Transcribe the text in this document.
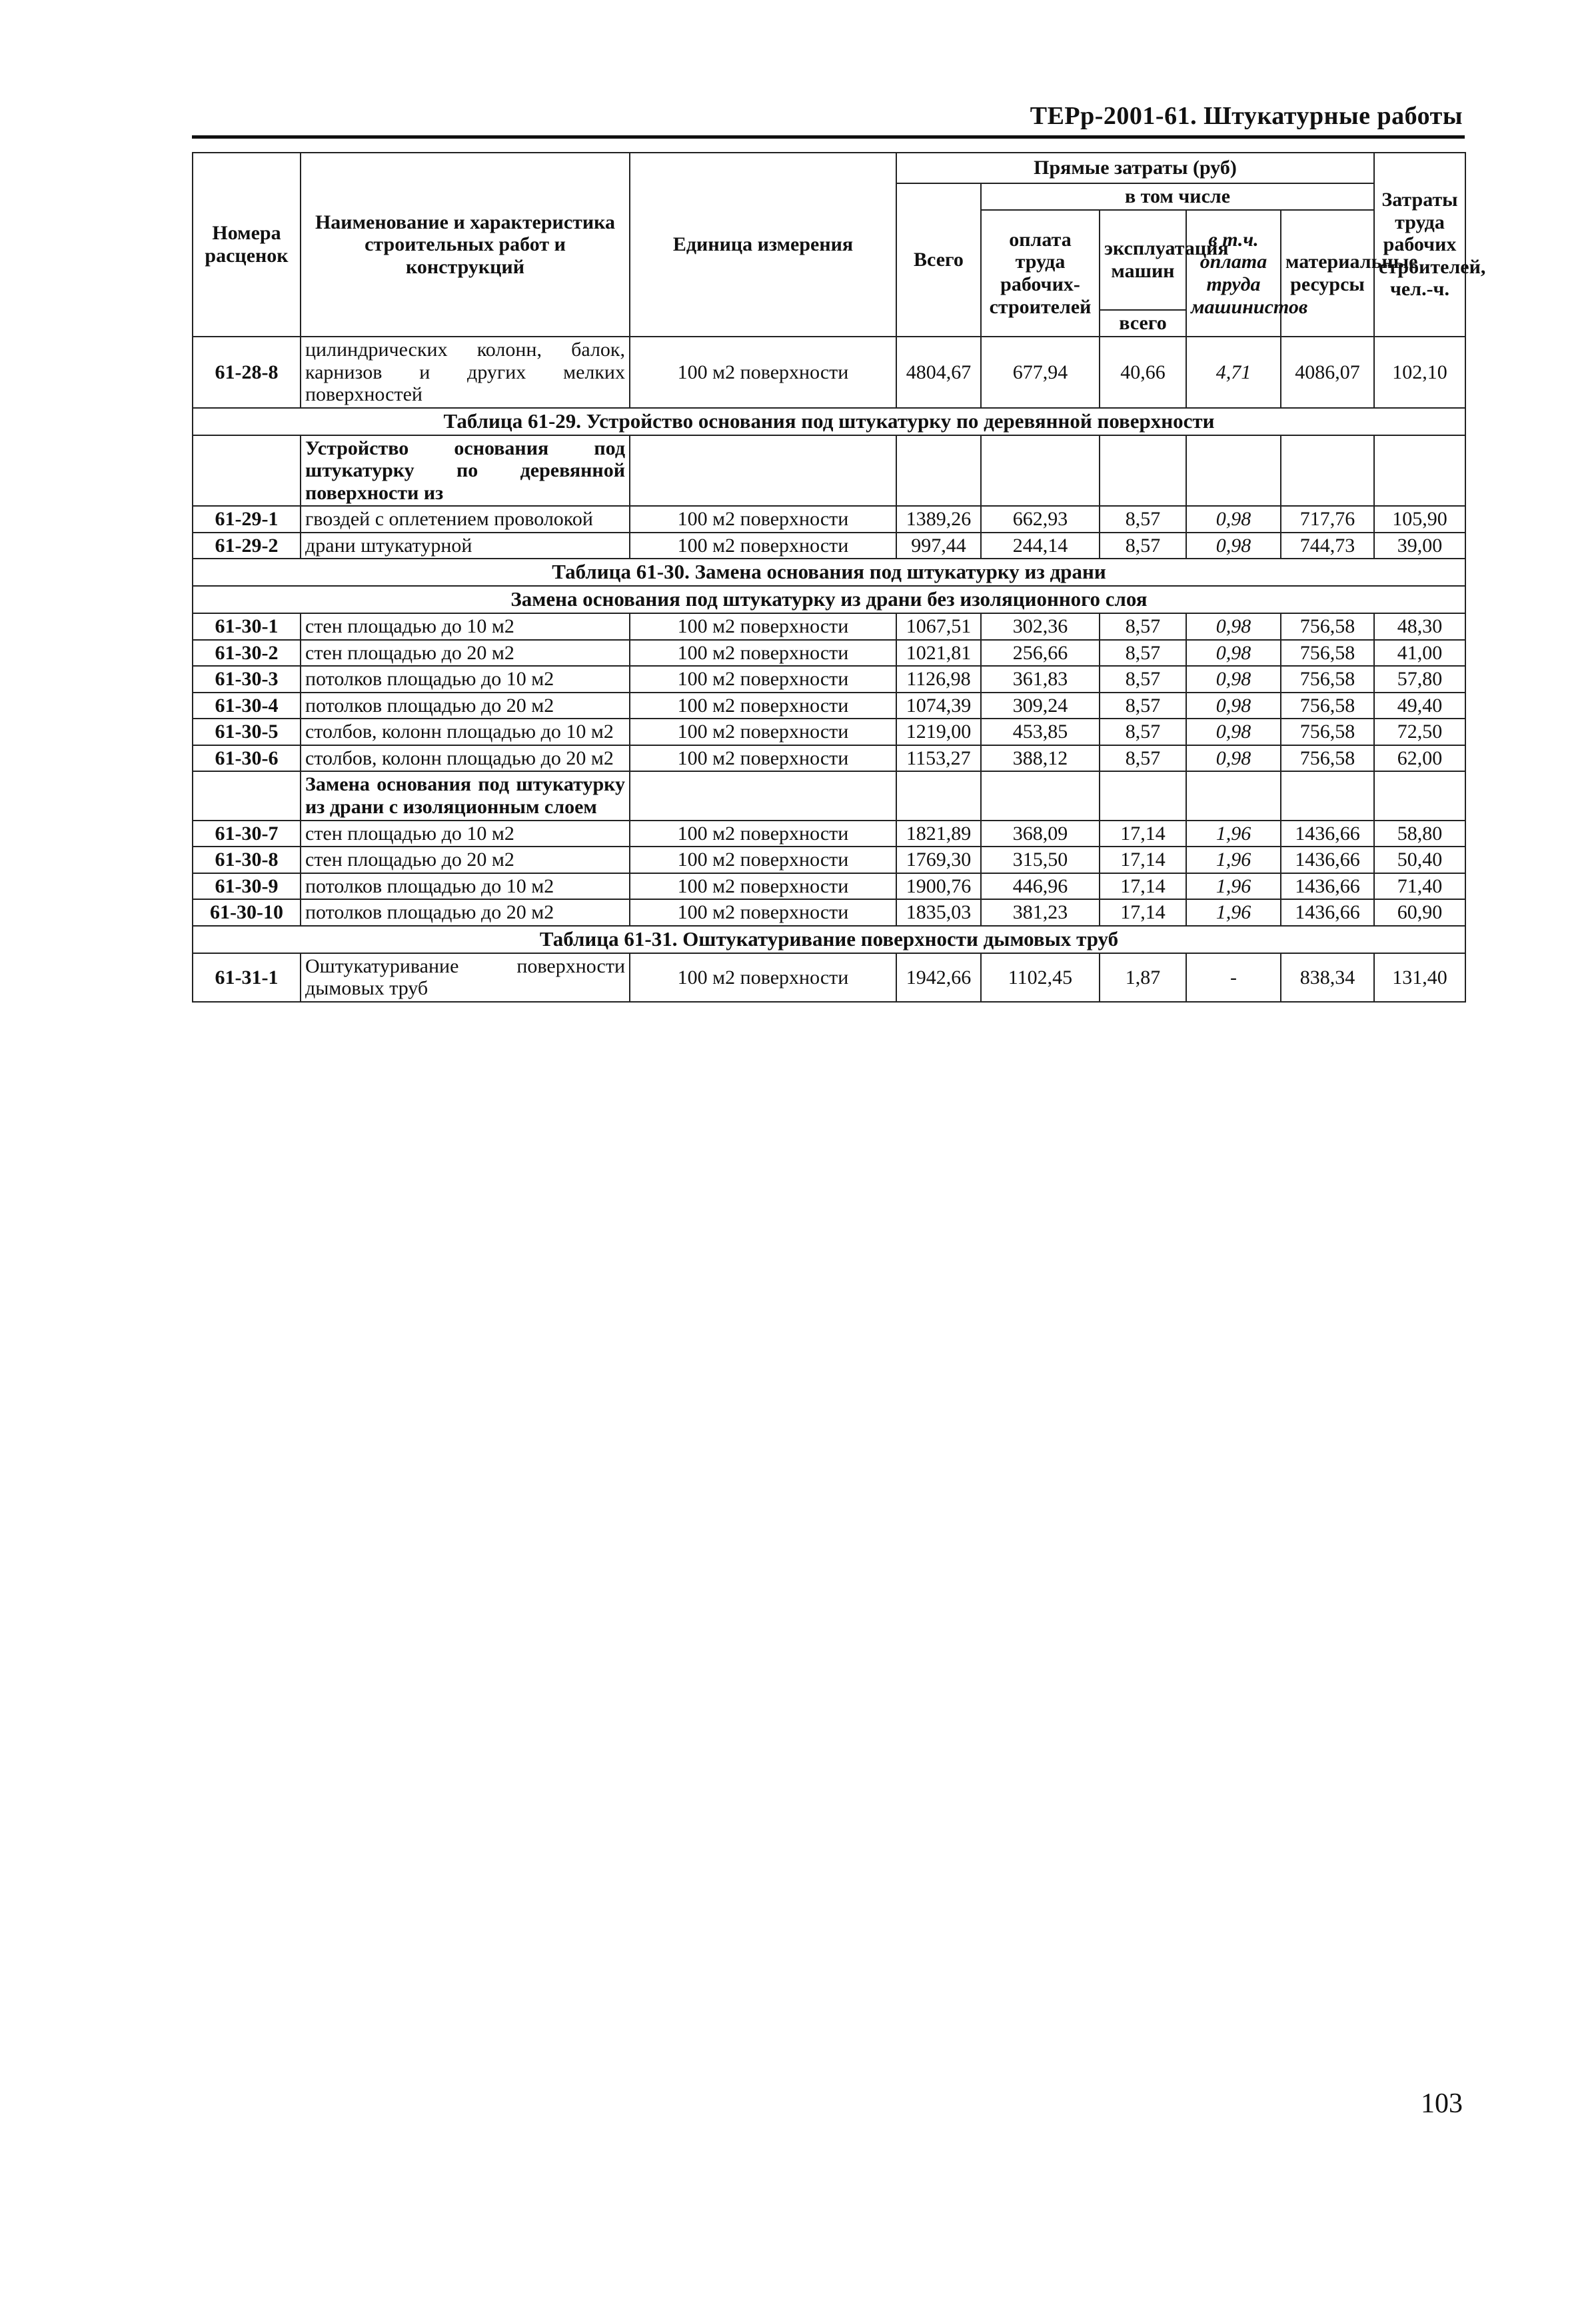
ТЕРр-2001-61. Штукатурные работы
Номера расценок	Наименование и характеристика строительных работ и конструкций	Единица измерения	Прямые затраты (руб)					Затраты труда рабочих строителей, чел.-ч.
			Всего	в том числе				
				оплата труда рабочих-строителей	эксплуатация машин	в т.ч. оплата труда машинистов	материальные ресурсы	
					всего			
61-28-8	цилиндрических колонн, балок, карнизов и других мелких поверхностей	100 м2 поверхности	4804,67	677,94	40,66	4,71	4086,07	102,10
Таблица 61-29. Устройство основания под штукатурку по деревянной поверхности								
	Устройство основания под штукатурку по деревянной поверхности из							
61-29-1	гвоздей с оплетением проволокой	100 м2 поверхности	1389,26	662,93	8,57	0,98	717,76	105,90
61-29-2	драни штукатурной	100 м2 поверхности	997,44	244,14	8,57	0,98	744,73	39,00
Таблица 61-30. Замена основания под штукатурку из драни								
Замена основания под штукатурку из драни без изоляционного слоя								
61-30-1	стен площадью до 10 м2	100 м2 поверхности	1067,51	302,36	8,57	0,98	756,58	48,30
61-30-2	стен площадью до 20 м2	100 м2 поверхности	1021,81	256,66	8,57	0,98	756,58	41,00
61-30-3	потолков площадью до 10 м2	100 м2 поверхности	1126,98	361,83	8,57	0,98	756,58	57,80
61-30-4	потолков площадью до 20 м2	100 м2 поверхности	1074,39	309,24	8,57	0,98	756,58	49,40
61-30-5	столбов, колонн площадью до 10 м2	100 м2 поверхности	1219,00	453,85	8,57	0,98	756,58	72,50
61-30-6	столбов, колонн площадью до 20 м2	100 м2 поверхности	1153,27	388,12	8,57	0,98	756,58	62,00
	Замена основания под штукатурку из драни с изоляционным слоем							
61-30-7	стен площадью до 10 м2	100 м2 поверхности	1821,89	368,09	17,14	1,96	1436,66	58,80
61-30-8	стен площадью до 20 м2	100 м2 поверхности	1769,30	315,50	17,14	1,96	1436,66	50,40
61-30-9	потолков площадью до 10 м2	100 м2 поверхности	1900,76	446,96	17,14	1,96	1436,66	71,40
61-30-10	потолков площадью до 20 м2	100 м2 поверхности	1835,03	381,23	17,14	1,96	1436,66	60,90
Таблица 61-31. Оштукатуривание поверхности дымовых труб								
61-31-1	Оштукатуривание поверхности дымовых труб	100 м2 поверхности	1942,66	1102,45	1,87	-	838,34	131,40
103
